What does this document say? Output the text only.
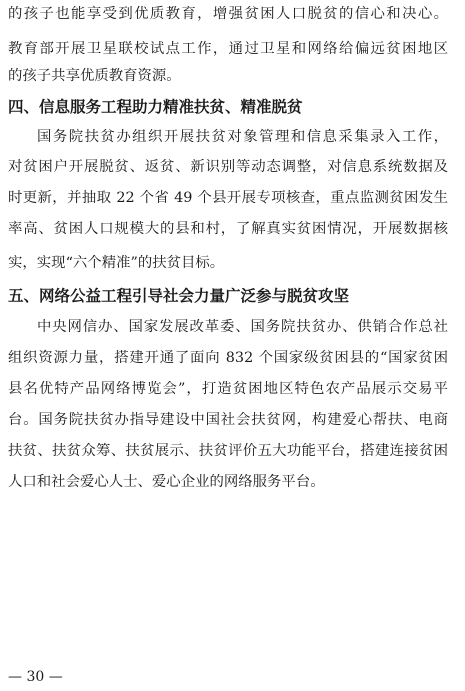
的孩子也能享受到优质教育，增强贫困人口脱贫的信心和决心。
教育部开展卫星联校试点工作，通过卫星和网络给偏远贫困地区
的孩子共享优质教育资源。
四、信息服务工程助力精准扶贫、精准脱贫
国务院扶贫办组织开展扶贫对象管理和信息采集录入工作，
对贫困户开展脱贫、返贫、新识别等动态调整，对信息系统数据及
时更新，并抽取 22 个省 49 个县开展专项核查，重点监测贫困发生
率高、贫困人口规模大的县和村，了解真实贫困情况，开展数据核
实，实现“六个精准”的扶贫目标。
五、网络公益工程引导社会力量广泛参与脱贫攻坚
中央网信办、国家发展改革委、国务院扶贫办、供销合作总社
组织资源力量，搭建开通了面向 832 个国家级贫困县的“国家贫困
县名优特产品网络博览会”，打造贫困地区特色农产品展示交易平
台。国务院扶贫办指导建设中国社会扶贫网，构建爱心帮扶、电商
扶贫、扶贫众筹、扶贫展示、扶贫评价五大功能平台，搭建连接贫困
人口和社会爱心人士、爱心企业的网络服务平台。
— 30 —
